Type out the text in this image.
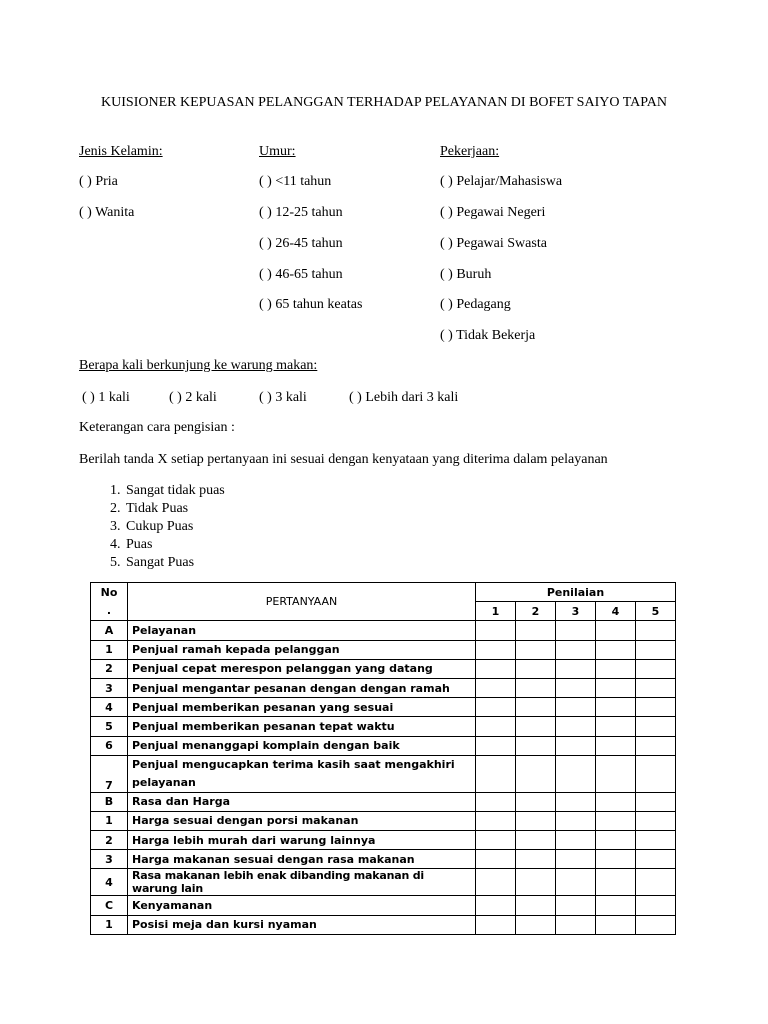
KUISIONER KEPUASAN PELANGGAN TERHADAP PELAYANAN DI BOFET SAIYO TAPAN
Jenis Kelamin:
( ) Pria
( ) Wanita
Umur:
( ) <11 tahun
( ) 12-25 tahun
( ) 26-45 tahun
( ) 46-65 tahun
( ) 65 tahun keatas
Pekerjaan:
( ) Pelajar/Mahasiswa
( ) Pegawai Negeri
( ) Pegawai Swasta
( ) Buruh
( ) Pedagang
( ) Tidak Bekerja
Berapa kali berkunjung ke warung makan:
( ) 1 kali	( ) 2 kali	( ) 3 kali	( ) Lebih dari 3 kali
Keterangan cara pengisian :
Berilah tanda X setiap pertanyaan ini sesuai dengan kenyataan yang diterima dalam pelayanan
1. Sangat tidak puas
2. Tidak Puas
3. Cukup Puas
4. Puas
5. Sangat Puas
No
.	PERTANYAAN	Penilaian				
		1	2	3	4	5
A	Pelayanan					
1	Penjual ramah kepada pelanggan					
2	Penjual cepat merespon pelanggan yang datang					
3	Penjual mengantar pesanan dengan dengan ramah					
4	Penjual memberikan pesanan yang sesuai					
5	Penjual memberikan pesanan tepat waktu					
6	Penjual menanggapi komplain dengan baik					
7	Penjual mengucapkan terima kasih saat mengakhiri pelayanan					
B	Rasa dan Harga					
1	Harga sesuai dengan porsi makanan					
2	Harga lebih murah dari warung lainnya					
3	Harga makanan sesuai dengan rasa makanan					
4	Rasa makanan lebih enak dibanding makanan di warung lain					
C	Kenyamanan					
1	Posisi meja dan kursi nyaman					
